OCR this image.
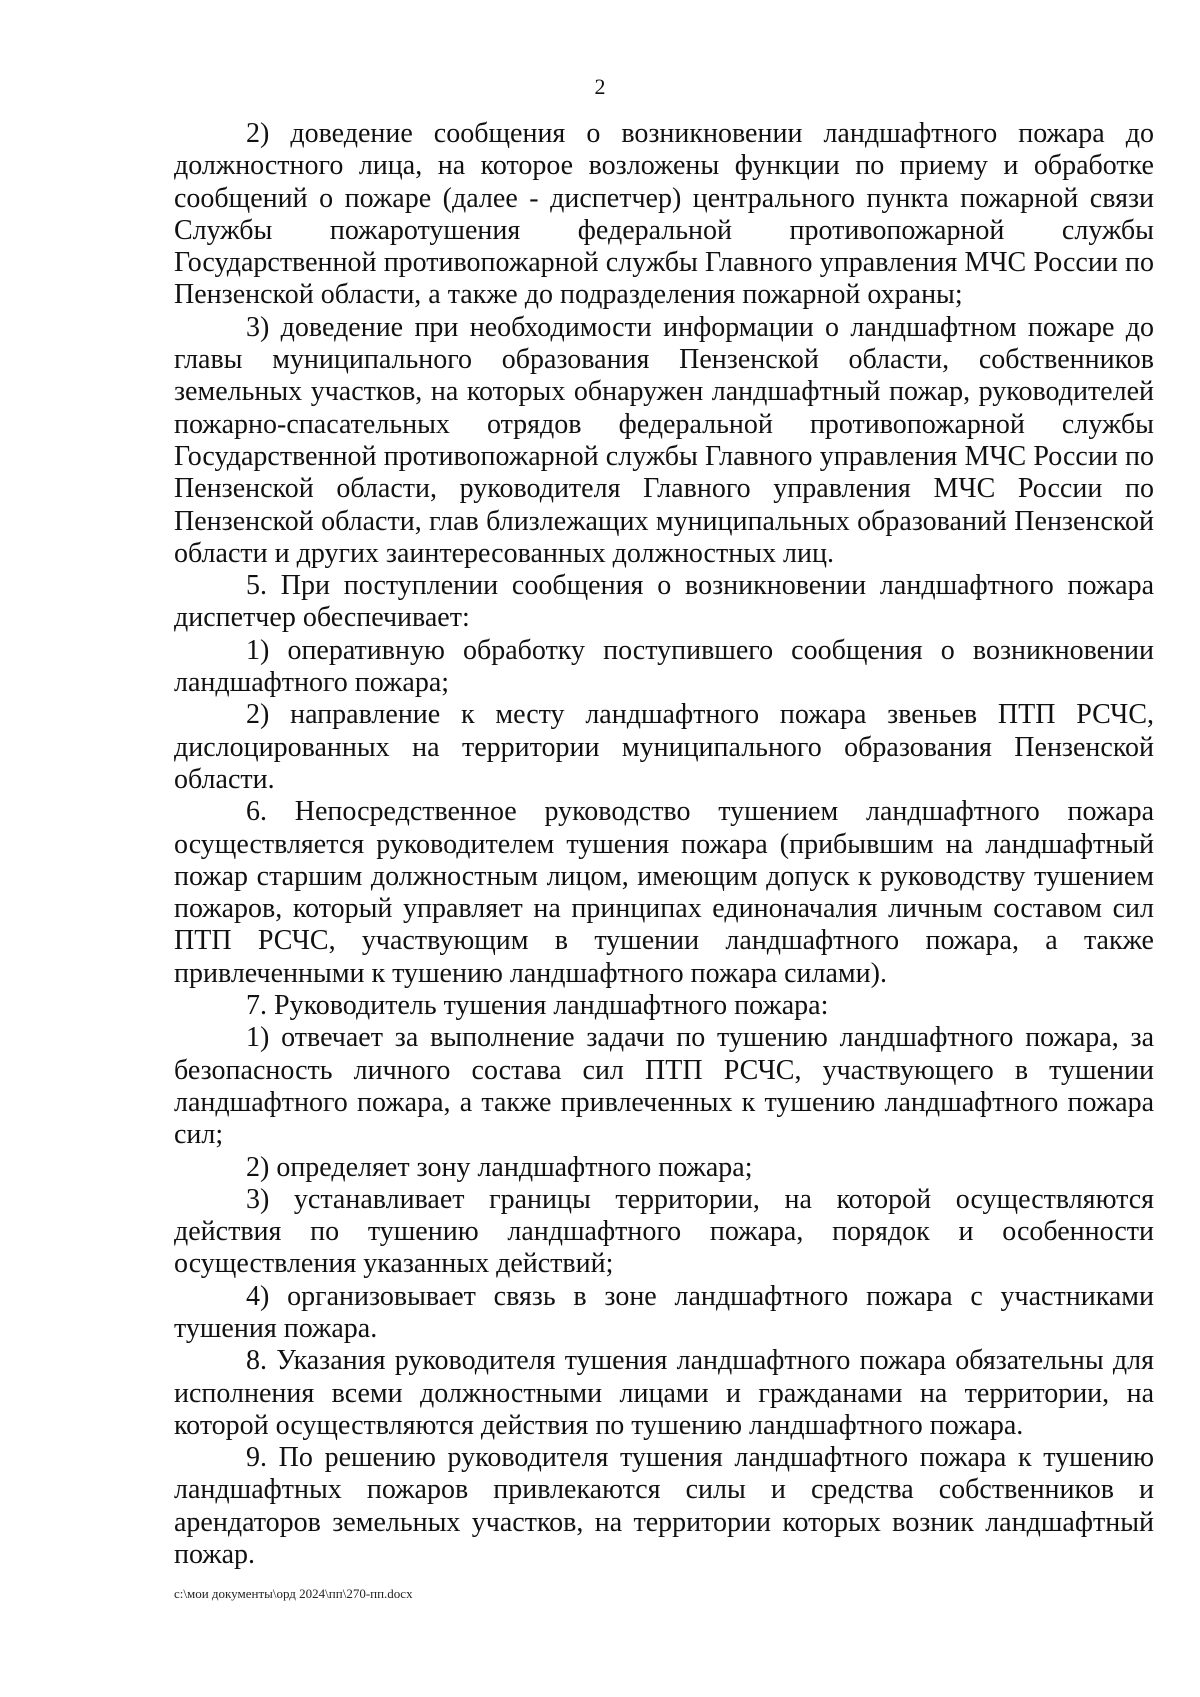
2

2) доведение сообщения о возникновении ландшафтного пожара до должностного лица, на которое возложены функции по приему и обработке сообщений о пожаре (далее - диспетчер) центрального пункта пожарной связи Службы пожаротушения федеральной противопожарной службы Государственной противопожарной службы Главного управления МЧС России по Пензенской области, а также до подразделения пожарной охраны;

3) доведение при необходимости информации о ландшафтном пожаре до главы муниципального образования Пензенской области, собственников земельных участков, на которых обнаружен ландшафтный пожар, руководителей пожарно-спасательных отрядов федеральной противопожарной службы Государственной противопожарной службы Главного управления МЧС России по Пензенской области, руководителя Главного управления МЧС России по Пензенской области, глав близлежащих муниципальных образований Пензенской области и других заинтересованных должностных лиц.

5. При поступлении сообщения о возникновении ландшафтного пожара диспетчер обеспечивает:

1) оперативную обработку поступившего сообщения о возникновении ландшафтного пожара;

2) направление к месту ландшафтного пожара звеньев ПТП РСЧС, дислоцированных на территории муниципального образования Пензенской области.

6. Непосредственное руководство тушением ландшафтного пожара осуществляется руководителем тушения пожара (прибывшим на ландшафтный пожар старшим должностным лицом, имеющим допуск к руководству тушением пожаров, который управляет на принципах единоначалия личным составом сил ПТП РСЧС, участвующим в тушении ландшафтного пожара, а также привлеченными к тушению ландшафтного пожара силами).

7. Руководитель тушения ландшафтного пожара:

1) отвечает за выполнение задачи по тушению ландшафтного пожара, за безопасность личного состава сил ПТП РСЧС, участвующего в тушении ландшафтного пожара, а также привлеченных к тушению ландшафтного пожара сил;

2) определяет зону ландшафтного пожара;

3) устанавливает границы территории, на которой осуществляются действия по тушению ландшафтного пожара, порядок и особенности осуществления указанных действий;

4) организовывает связь в зоне ландшафтного пожара с участниками тушения пожара.

8. Указания руководителя тушения ландшафтного пожара обязательны для исполнения всеми должностными лицами и гражданами на территории, на которой осуществляются действия по тушению ландшафтного пожара.

9. По решению руководителя тушения ландшафтного пожара к тушению ландшафтных пожаров привлекаются силы и средства собственников и арендаторов земельных участков, на территории которых возник ландшафтный пожар.

c:\мои документы\орд 2024\пп\270-пп.docx
